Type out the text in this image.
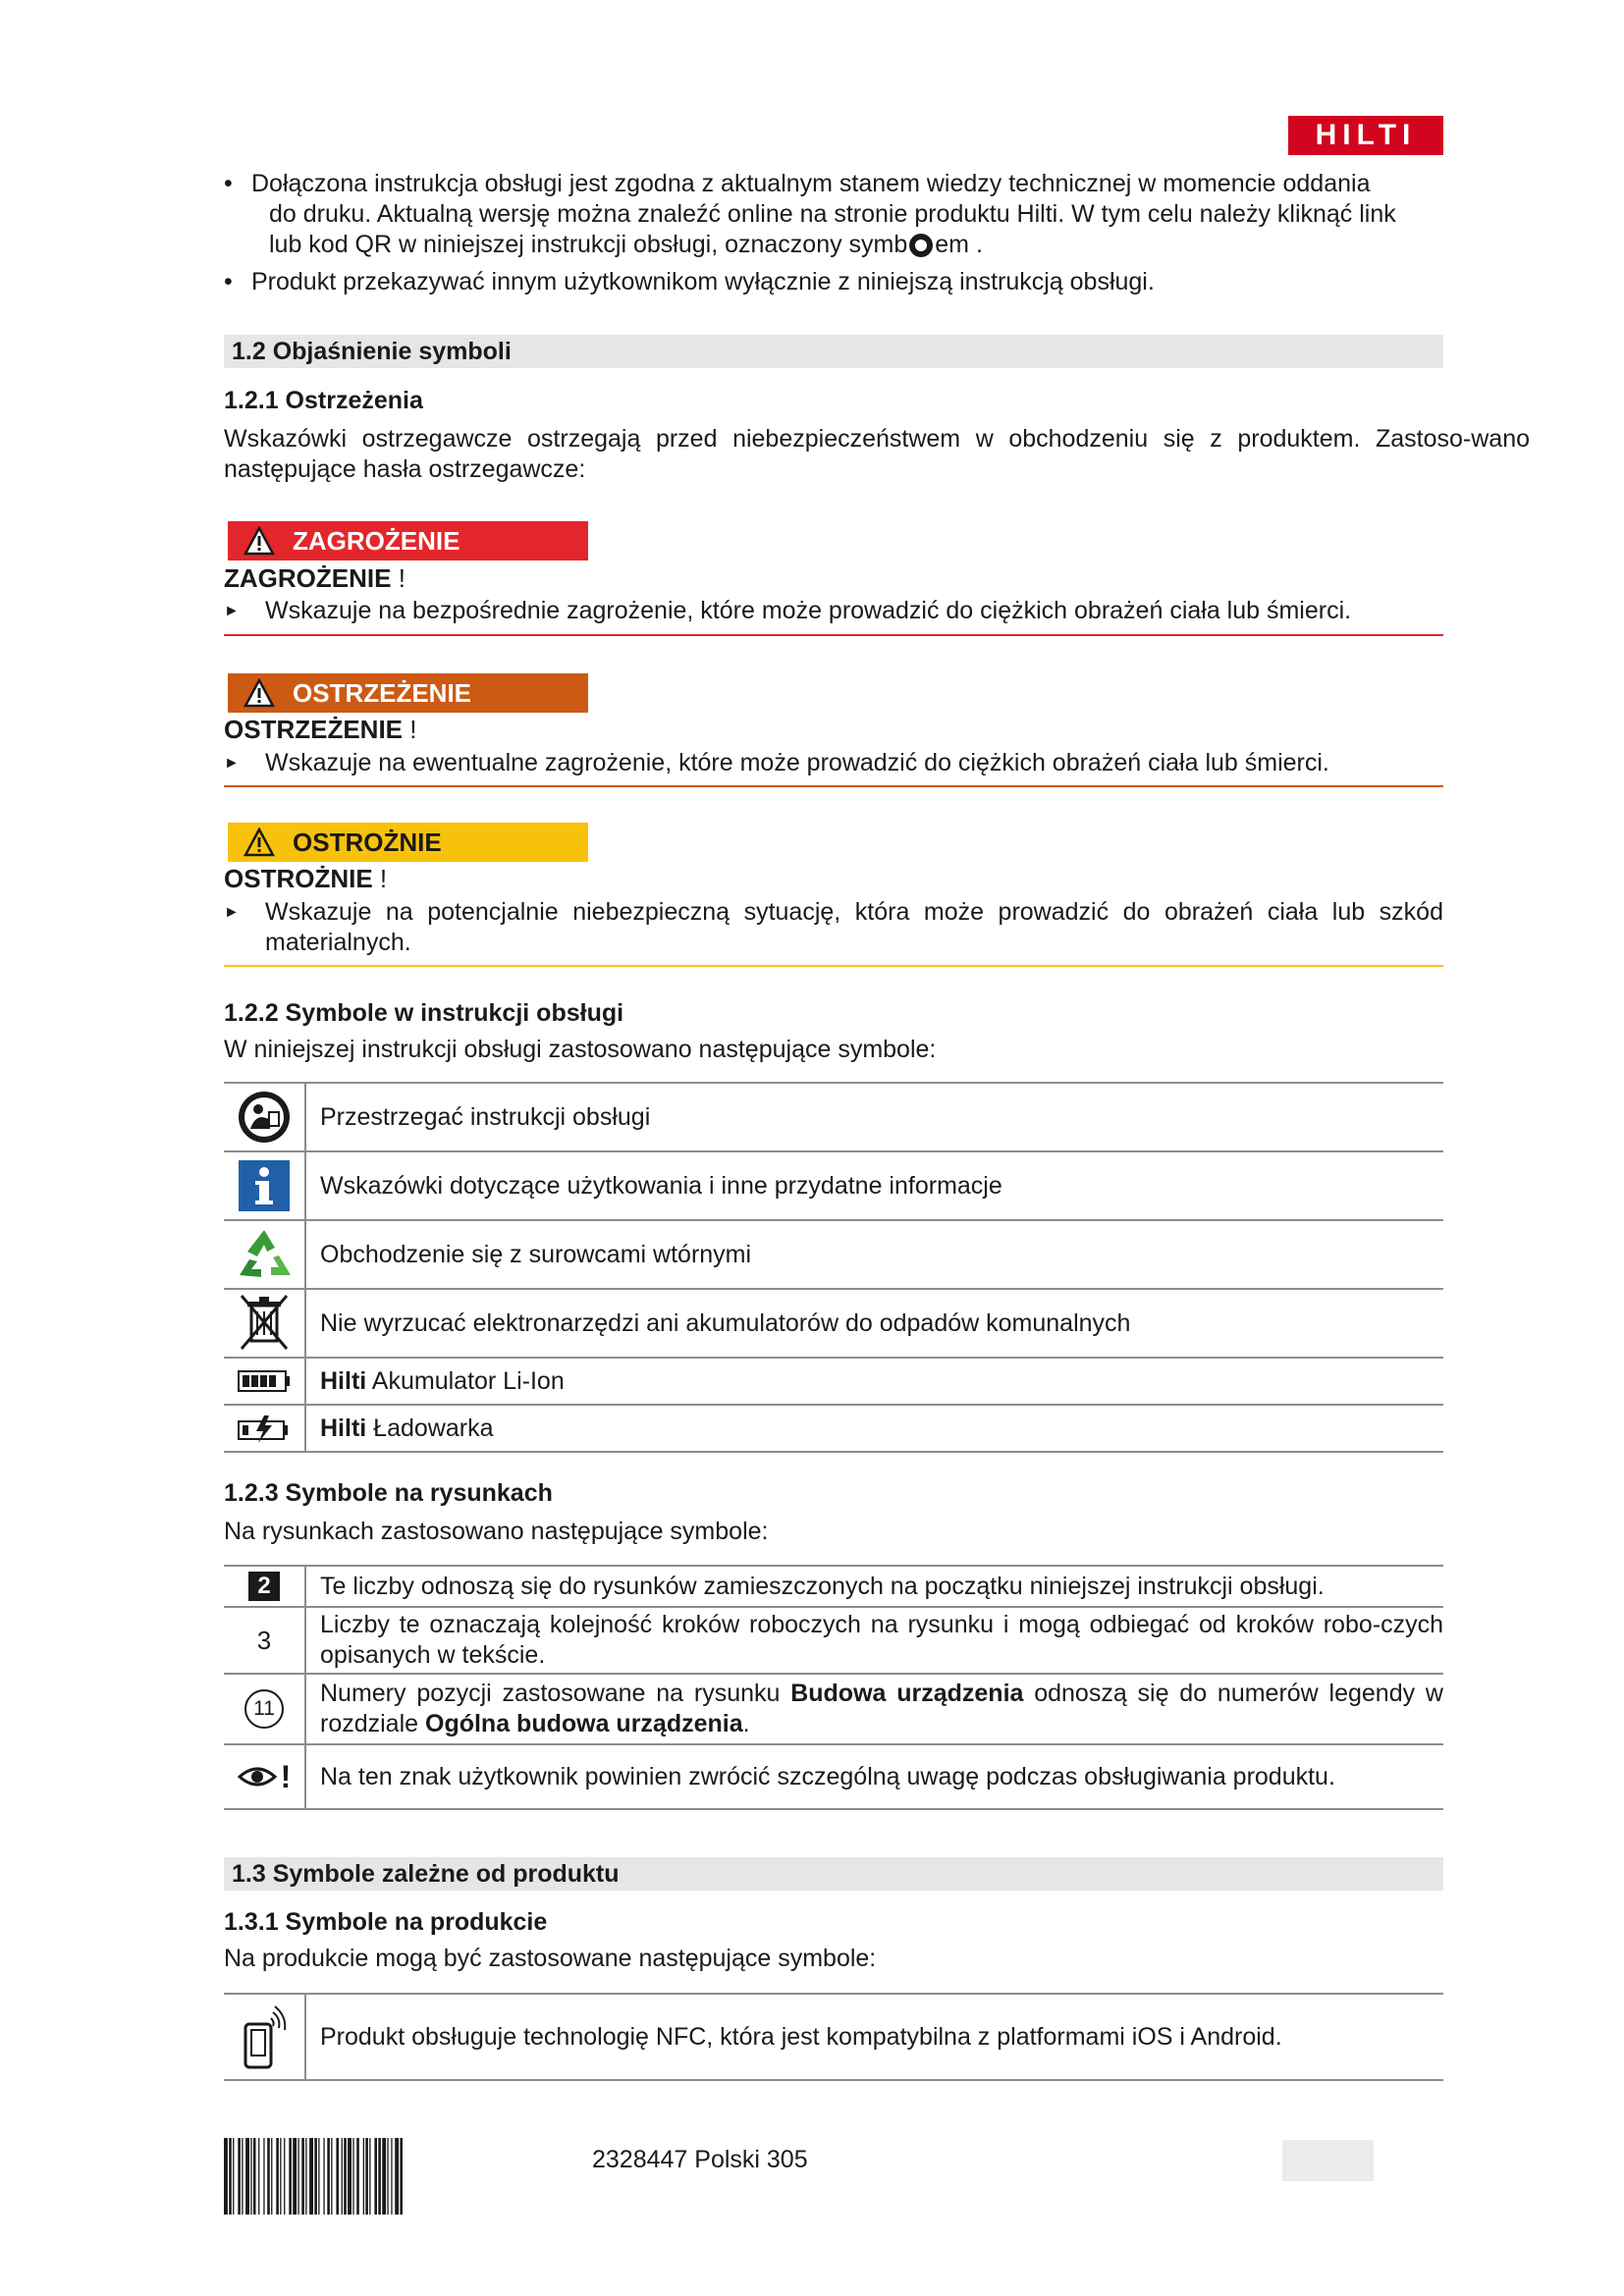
HILTI
• Dołączona instrukcja obsługi jest zgodna z aktualnym stanem wiedzy technicznej w momencie oddania
do druku. Aktualną wersję można znaleźć online na stronie produktu Hilti. W tym celu należy kliknąć link
lub kod QR w niniejszej instrukcji obsługi, oznaczony symb em .
• Produkt przekazywać innym użytkownikom wyłącznie z niniejszą instrukcją obsługi.
1.2 Objaśnienie symboli
1.2.1 Ostrzeżenia
Wskazówki ostrzegawcze ostrzegają przed niebezpieczeństwem w obchodzeniu się z produktem. Zastoso-wano następujące hasła ostrzegawcze:
ZAGROŻENIE
ZAGROŻENIE !
► Wskazuje na bezpośrednie zagrożenie, które może prowadzić do ciężkich obrażeń ciała lub śmierci.
OSTRZEŻENIE
OSTRZEŻENIE !
► Wskazuje na ewentualne zagrożenie, które może prowadzić do ciężkich obrażeń ciała lub śmierci.
OSTROŻNIE
OSTROŻNIE !
► Wskazuje na potencjalnie niebezpieczną sytuację, która może prowadzić do obrażeń ciała lub szkód materialnych.
1.2.2 Symbole w instrukcji obsługi
W niniejszej instrukcji obsługi zastosowano następujące symbole:
Przestrzegać instrukcji obsługi
Wskazówki dotyczące użytkowania i inne przydatne informacje
Obchodzenie się z surowcami wtórnymi
Nie wyrzucać elektronarzędzi ani akumulatorów do odpadów komunalnych
Hilti Akumulator Li-Ion
Hilti Ładowarka
1.2.3 Symbole na rysunkach
Na rysunkach zastosowano następujące symbole:
2	Te liczby odnoszą się do rysunków zamieszczonych na początku niniejszej instrukcji obsługi.
3
Liczby te oznaczają kolejność kroków roboczych na rysunku i mogą odbiegać od kroków robo-czych opisanych w tekście.
11
Numery pozycji zastosowane na rysunku Budowa urządzenia odnoszą się do numerów legendy w rozdziale Ogólna budowa urządzenia.
! Na ten znak użytkownik powinien zwrócić szczególną uwagę podczas obsługiwania produktu.
1.3 Symbole zależne od produktu
1.3.1 Symbole na produkcie
Na produkcie mogą być zastosowane następujące symbole:
Produkt obsługuje technologię NFC, która jest kompatybilna z platformami iOS i Android.
2328447 Polski 305
